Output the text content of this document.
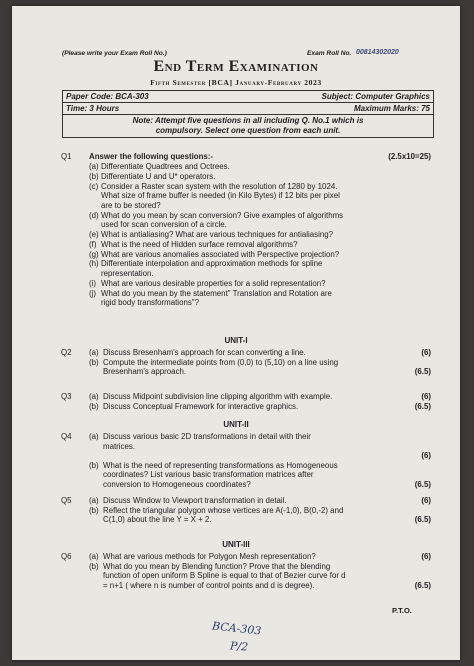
(Please write your Exam Roll No.)	Exam Roll No. 00814302020
End Term Examination
Fifth Semester [BCA] January-February 2023
Paper Code: BCA-303	Subject: Computer Graphics
Time: 3 Hours	Maximum Marks: 75
Note: Attempt five questions in all including Q. No.1 which is
compulsory. Select one question from each unit.
Q1	Answer the following questions:-	(2.5x10=25)
(a) Differentiate Quadtrees and Octrees.
(b) Differentiate U and U* operators.
(c) Consider a Raster scan system with the resolution of 1280 by 1024.
What size of frame buffer is needed (in Kilo Bytes) if 12 bits per pixel
are to be stored?
(d) What do you mean by scan conversion? Give examples of algorithms
used for scan conversion of a circle.
(e) What is antialiasing? What are various techniques for antialiasing?
(f) What is the need of Hidden surface removal algorithms?
(g) What are various anomalies associated with Perspective projection?
(h) Differentiate interpolation and approximation methods for spline
representation.
(i) What are various desirable properties for a solid representation?
(j) What do you mean by the statement" Translation and Rotation are
rigid body transformations"?
UNIT-I
Q2	(a) Discuss Bresenham's approach for scan converting a line.	(6)
(b) Compute the intermediate points from (0,0) to (5,10) on a line using
Bresenham's approach.	(6.5)
Q3	(a) Discuss Midpoint subdivision line clipping algorithm with example.	(6)
(b) Discuss Conceptual Framework for interactive graphics.	(6.5)
UNIT-II
Q4	(a) Discuss various basic 2D transformations in detail with their
matrices.
(6)
(b) What is the need of representing transformations as Homogeneous
coordinates? List various basic transformation matrices after
conversion to Homogeneous coordinates?	(6.5)
Q5	(a) Discuss Window to Viewport transformation in detail.	(6)
(b) Reflect the triangular polygon whose vertices are A(-1,0), B(0,-2) and
C(1,0) about the line Y = X + 2.	(6.5)
UNIT-III
Q6	(a) What are various methods for Polygon Mesh representation?	(6)
(b) What do you mean by Blending function? Prove that the blending
function of open uniform B Spline is equal to that of Bezier curve for d
= n+1 ( where n is number of control points and d is degree).	(6.5)
P.T.O.
BCA-303
P/2
